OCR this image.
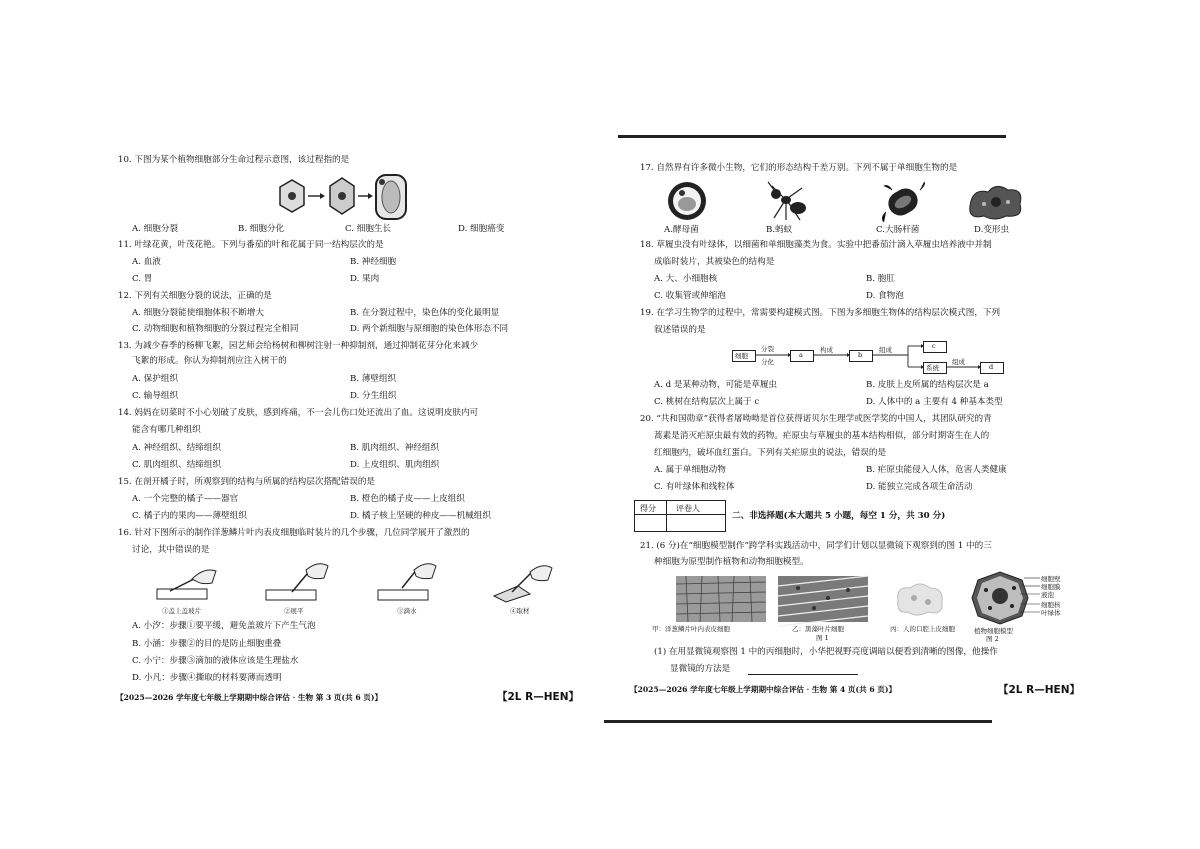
10. 下图为某个植物细胞部分生命过程示意图，该过程指的是
A. 细胞分裂	B. 细胞分化	C. 细胞生长	D. 细胞癌变
11. 叶绿花黄，叶茂花艳。下列与番茄的叶和花属于同一结构层次的是
A. 血液	B. 神经细胞
C. 胃	D. 果肉
12. 下列有关细胞分裂的说法，正确的是
A. 细胞分裂能使细胞体积不断增大	B. 在分裂过程中，染色体的变化最明显
C. 动物细胞和植物细胞的分裂过程完全相同	D. 两个新细胞与原细胞的染色体形态不同
13. 为减少春季的杨柳飞絮，园艺师会给杨树和柳树注射一种抑制剂，通过抑制花芽分化来减少
飞絮的形成。你认为抑制剂应注入树干的
A. 保护组织	B. 薄壁组织
C. 输导组织	D. 分生组织
14. 妈妈在切菜时不小心划破了皮肤，感到疼痛，不一会儿伤口处还流出了血。这说明皮肤内可
能含有哪几种组织
A. 神经组织、结缔组织	B. 肌肉组织、神经组织
C. 肌肉组织、结缔组织	D. 上皮组织、肌肉组织
15. 在剖开橘子时，所观察到的结构与所属的结构层次搭配错误的是
A. 一个完整的橘子——器官	B. 橙色的橘子皮——上皮组织
C. 橘子内的果肉——薄壁组织	D. 橘子核上坚硬的种皮——机械组织
16. 针对下图所示的制作洋葱鳞片叶内表皮细胞临时装片的几个步骤，几位同学展开了激烈的
讨论，其中错误的是
①盖上盖玻片	②展平	③滴水	④取材
A. 小汐：步骤①要平缓，避免盖玻片下产生气泡
B. 小涵：步骤②的目的是防止细胞重叠
C. 小宁：步骤③滴加的液体应该是生理盐水
D. 小凡：步骤④撕取的材料要薄而透明
【2025—2026 学年度七年级上学期期中综合评估 · 生物 第 3 页(共 6 页)】	【2L R—HEN】
17. 自然界有许多微小生物，它们的形态结构千差万别。下列不属于单细胞生物的是
A.酵母菌	B.蚂蚁	C.大肠杆菌	D.变形虫
18. 草履虫没有叶绿体，以细菌和单细胞藻类为食。实验中把番茄汁滴入草履虫培养液中并制
成临时装片，其被染色的结构是
A. 大、小细胞核	B. 胞肛
C. 收集管或伸缩泡	D. 食物泡
19. 在学习生物学的过程中，常需要构建模式图。下图为多细胞生物体的结构层次模式图，下列
叙述错误的是
细胞
分裂
分化
a
构成
b
组成	c
系统
组成
d
A. d 是某种动物，可能是草履虫	B. 皮肤上皮所属的结构层次是 a
C. 桃树在结构层次上属于 c	D. 人体中的 a 主要有 4 种基本类型
20. “共和国勋章”获得者屠呦呦是首位获得诺贝尔生理学或医学奖的中国人，其团队研究的青
蒿素是消灭疟原虫最有效的药物。疟原虫与草履虫的基本结构相似，部分时期寄生在人的
红细胞内，破坏血红蛋白。下列有关疟原虫的说法，错误的是
A. 属于单细胞动物	B. 疟原虫能侵入人体，危害人类健康
C. 有叶绿体和线粒体	D. 能独立完成各项生命活动
得分	评卷人
二、非选择题(本大题共 5 小题，每空 1 分，共 30 分)
21. (6 分)在“细胞模型制作”跨学科实践活动中，同学们计划以显微镜下观察到的图 1 中的三
种细胞为原型制作植物和动物细胞模型。
细胞壁
细胞膜
液泡
细胞核
叶绿体
甲：洋葱鳞片叶内表皮细胞	乙：黑藻叶片细胞	丙：人的口腔上皮细胞
图 1
植物细胞模型
图 2
(1) 在用显微镜观察图 1 中的丙细胞时，小华把视野亮度调暗以便看到清晰的图像，他操作
显微镜的方法是
【2025—2026 学年度七年级上学期期中综合评估 · 生物 第 4 页(共 6 页)】	【2L R—HEN】
